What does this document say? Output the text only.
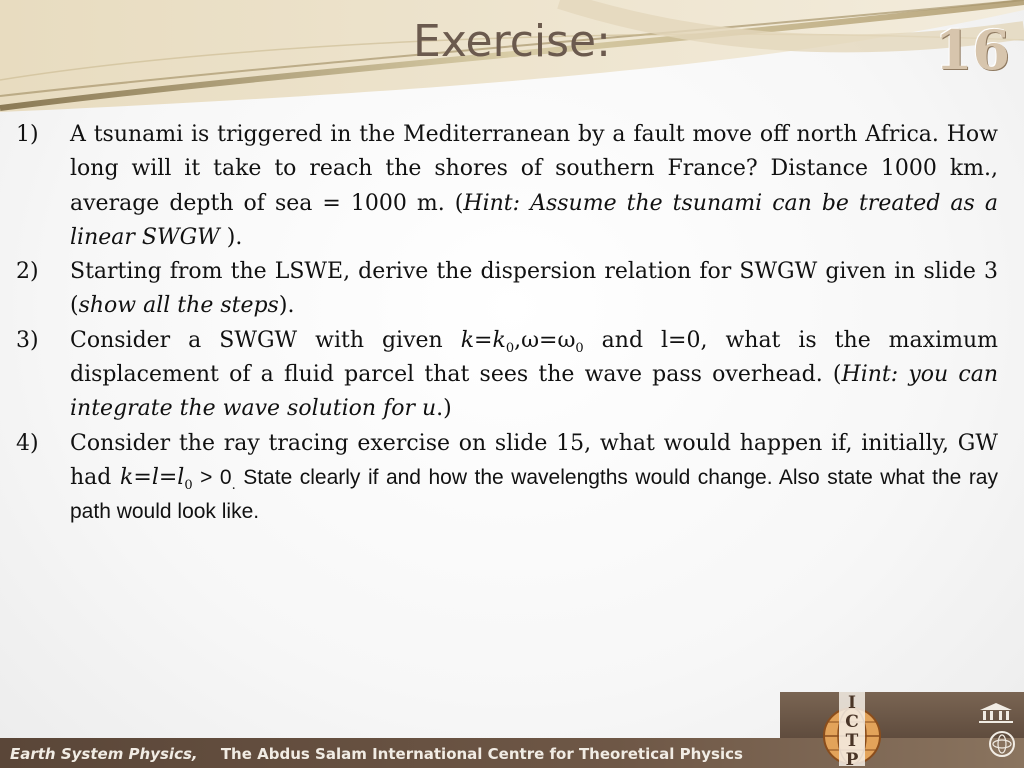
Exercise:	16
1)	A tsunami is triggered in the Mediterranean by a fault move off north Africa. How long will it take to reach the shores of southern France? Distance 1000 km., average depth of sea = 1000 m. (Hint: Assume the tsunami can be treated as a linear SWGW ).
2)	Starting from the LSWE, derive the dispersion relation for SWGW given in slide 3 (show all the steps).
3)	Consider a SWGW with given $k=k_0,\omega=\omega_0$ and l=0, what is the maximum displacement of a fluid parcel that sees the wave pass overhead. (Hint: you can integrate the wave solution for u.)
4)	Consider the ray tracing exercise on slide 15, what would happen if, initially, GW had $k=l=l_0 > 0_.$ State clearly if and how the wavelengths would change. Also state what the ray path would look like.
Earth System Physics, The Abdus Salam International Centre for Theoretical Physics
I
C
T
P
